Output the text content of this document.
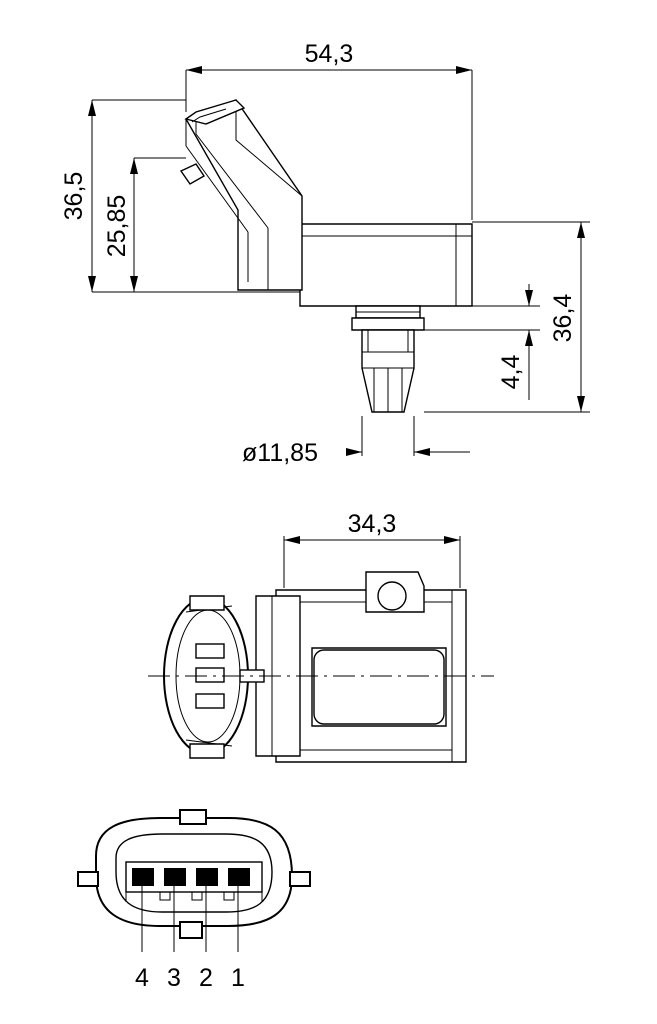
54,3
36,5 25,85
36,4
4,4
ø11,85
34,3
4 3 2 1
